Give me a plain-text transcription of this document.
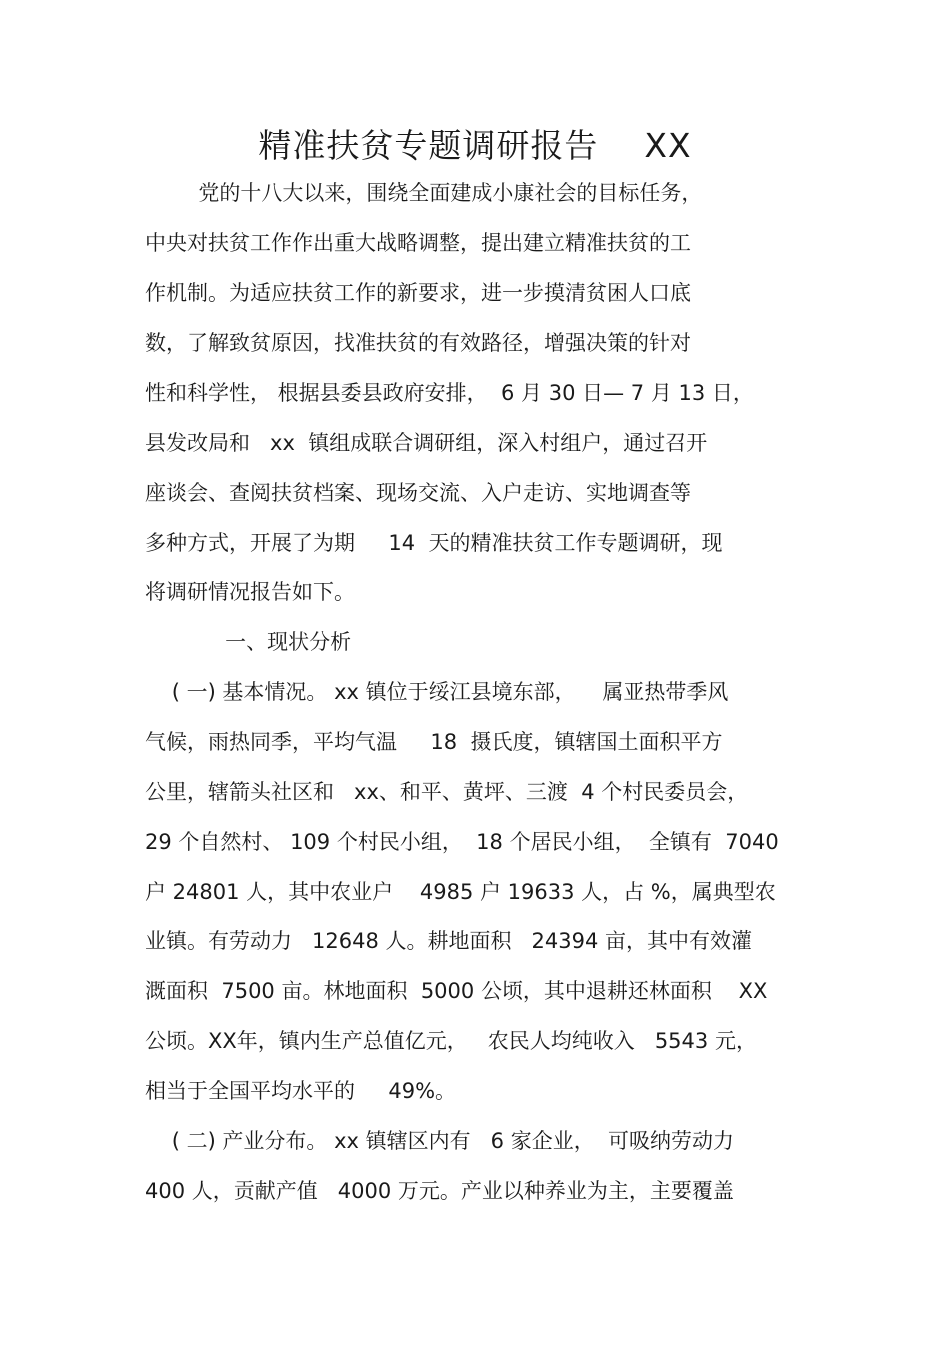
精准扶贫专题调研报告    XX
党的十八大以来，围绕全面建成小康社会的目标任务，
中央对扶贫工作作出重大战略调整，提出建立精准扶贫的工
作机制。为适应扶贫工作的新要求，进一步摸清贫困人口底
数，了解致贫原因，找准扶贫的有效路径，增强决策的针对
性和科学性， 根据县委县政府安排，  6 月 30 日— 7 月 13 日，
县发改局和   xx  镇组成联合调研组，深入村组户，通过召开
座谈会、查阅扶贫档案、现场交流、入户走访、实地调查等
多种方式，开展了为期     14  天的精准扶贫工作专题调研，现
将调研情况报告如下。
一、现状分析
( 一) 基本情况。 xx 镇位于绥江县境东部，    属亚热带季风
气候，雨热同季，平均气温     18  摄氏度，镇辖国土面积平方
公里，辖箭头社区和   xx、和平、黄坪、三渡  4 个村民委员会，
29 个自然村、 109 个村民小组，  18 个居民小组，  全镇有  7040
户 24801 人，其中农业户    4985 户 19633 人，占 %，属典型农
业镇。有劳动力   12648 人。耕地面积   24394 亩，其中有效灌
溉面积  7500 亩。林地面积  5000 公顷，其中退耕还林面积    XX
公顷。XX年，镇内生产总值亿元，   农民人均纯收入   5543 元，
相当于全国平均水平的     49%。
( 二) 产业分布。 xx 镇辖区内有   6 家企业，  可吸纳劳动力
400 人，贡献产值   4000 万元。产业以种养业为主，主要覆盖
